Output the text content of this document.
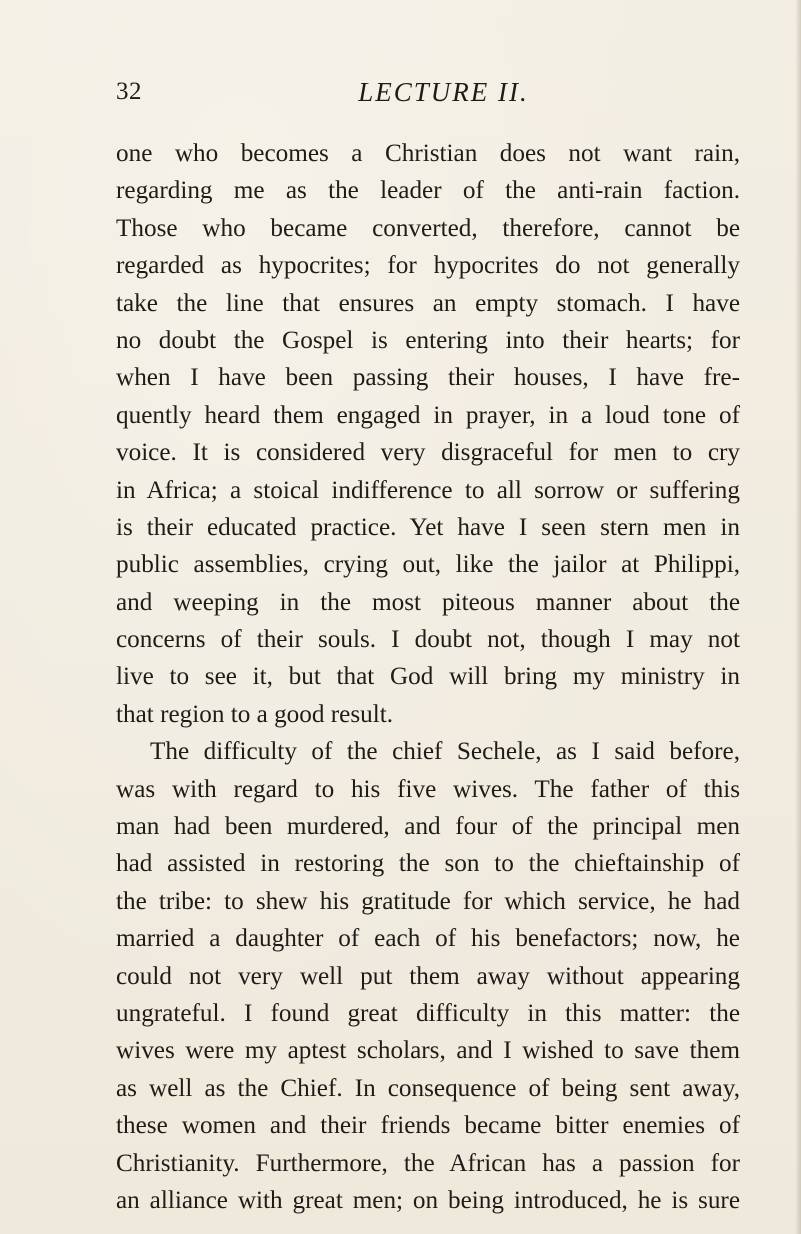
32	LECTURE II.
one who becomes a Christian does not want rain,
regarding me as the leader of the anti-rain faction.
Those who became converted, therefore, cannot be
regarded as hypocrites; for hypocrites do not generally
take the line that ensures an empty stomach. I have
no doubt the Gospel is entering into their hearts; for
when I have been passing their houses, I have fre-
quently heard them engaged in prayer, in a loud tone of
voice. It is considered very disgraceful for men to cry
in Africa; a stoical indifference to all sorrow or suffering
is their educated practice. Yet have I seen stern men in
public assemblies, crying out, like the jailor at Philippi,
and weeping in the most piteous manner about the
concerns of their souls. I doubt not, though I may not
live to see it, but that God will bring my ministry in
that region to a good result.
The difficulty of the chief Sechele, as I said before,
was with regard to his five wives. The father of this
man had been murdered, and four of the principal men
had assisted in restoring the son to the chieftainship of
the tribe: to shew his gratitude for which service, he had
married a daughter of each of his benefactors; now, he
could not very well put them away without appearing
ungrateful. I found great difficulty in this matter: the
wives were my aptest scholars, and I wished to save them
as well as the Chief. In consequence of being sent away,
these women and their friends became bitter enemies of
Christianity. Furthermore, the African has a passion for
an alliance with great men; on being introduced, he is sure
